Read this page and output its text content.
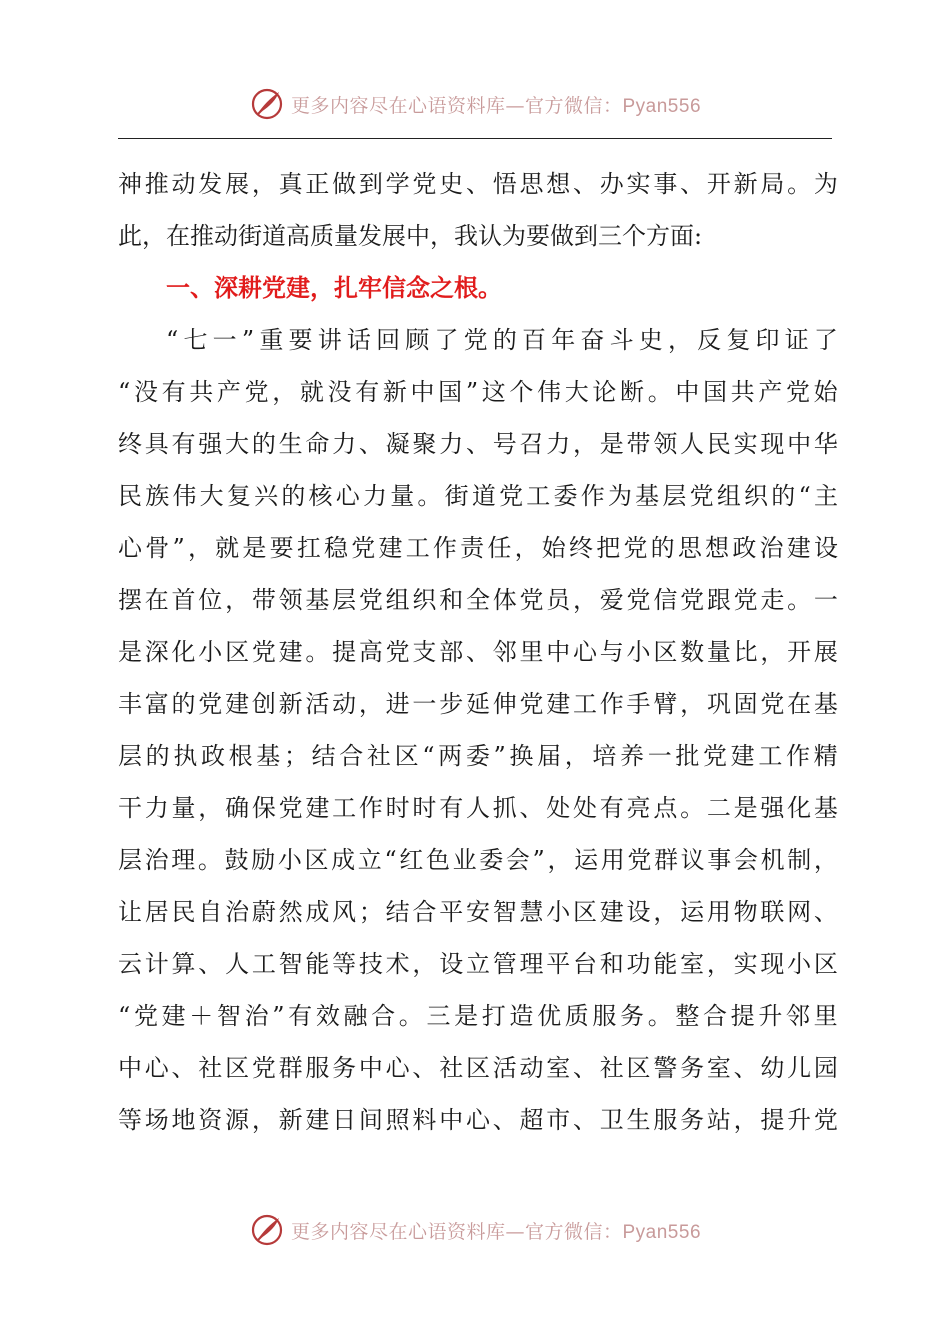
更多内容尽在心语资料库—官方微信：Pyan556
神 推 动 发 展 ， 真 正 做 到 学 党 史 、 悟 思 想 、 办 实 事 、 开 新 局 。 为
此，在推动街道高质量发展中，我认为要做到三个方面:
一、深耕党建，扎牢信念之根。
“ 七 一 ” 重 要 讲 话 回 顾 了 党 的 百 年 奋 斗 史 ， 反 复 印 证 了
“ 没 有 共 产 党 ， 就 没 有 新 中 国 ” 这 个 伟 大 论 断 。 中 国 共 产 党 始
终 具 有 强 大 的 生 命 力 、 凝 聚 力 、 号 召 力 ， 是 带 领 人 民 实 现 中 华
民 族 伟 大 复 兴 的 核 心 力 量 。 街 道 党 工 委 作 为 基 层 党 组 织 的 “ 主
心 骨 ” ， 就 是 要 扛 稳 党 建 工 作 责 任 ， 始 终 把 党 的 思 想 政 治 建 设
摆 在 首 位 ， 带 领 基 层 党 组 织 和 全 体 党 员 ， 爱 党 信 党 跟 党 走 。 一
是 深 化 小 区 党 建 。 提 高 党 支 部 、 邻 里 中 心 与 小 区 数 量 比 ， 开 展
丰 富 的 党 建 创 新 活 动 ， 进 一 步 延 伸 党 建 工 作 手 臂 ， 巩 固 党 在 基
层 的 执 政 根 基 ； 结 合 社 区 “ 两 委 ” 换 届 ， 培 养 一 批 党 建 工 作 精
干 力 量 ， 确 保 党 建 工 作 时 时 有 人 抓 、 处 处 有 亮 点 。 二 是 强 化 基
层 治 理 。 鼓 励 小 区 成 立 “ 红 色 业 委 会 ” ， 运 用 党 群 议 事 会 机 制 ，
让 居 民 自 治 蔚 然 成 风 ； 结 合 平 安 智 慧 小 区 建 设 ， 运 用 物 联 网 、
云 计 算 、 人 工 智 能 等 技 术 ， 设 立 管 理 平 台 和 功 能 室 ， 实 现 小 区
“ 党 建 ＋ 智 治 ” 有 效 融 合 。 三 是 打 造 优 质 服 务 。 整 合 提 升 邻 里
中 心 、 社 区 党 群 服 务 中 心 、 社 区 活 动 室 、 社 区 警 务 室 、 幼 儿 园
等 场 地 资 源 ， 新 建 日 间 照 料 中 心 、 超 市 、 卫 生 服 务 站 ， 提 升 党
更多内容尽在心语资料库—官方微信：Pyan556
